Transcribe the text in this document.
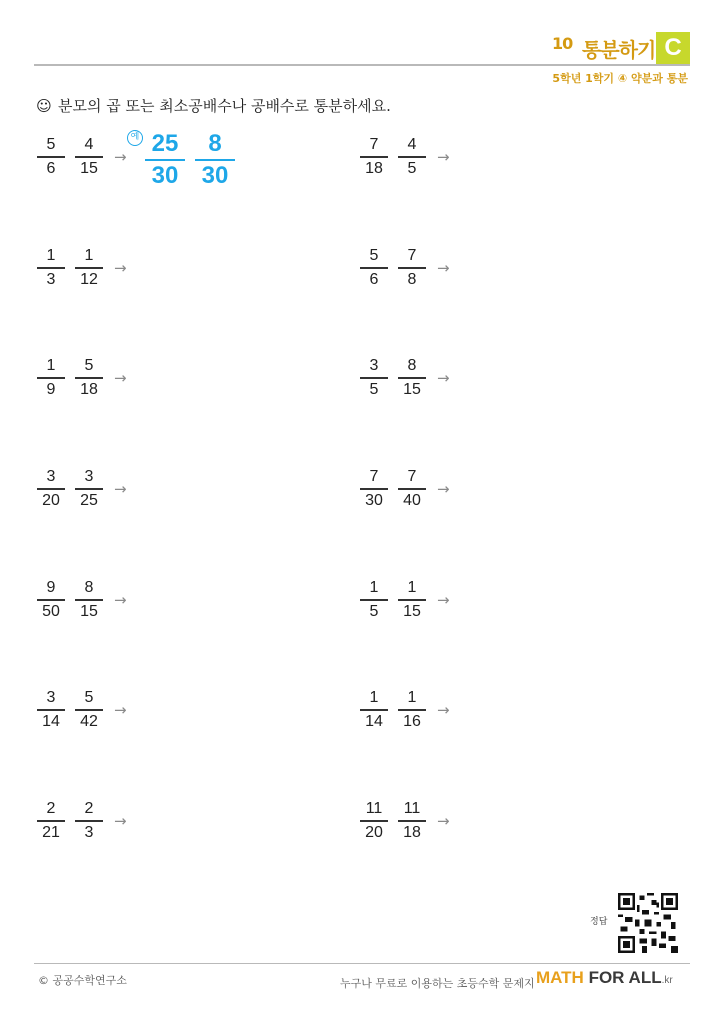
10 통분하기 C
5학년 1학기 ④ 약분과 통분
☺ 분모의 곱 또는 최소공배수나 공배수로 통분하세요.
예 $\frac{25}{30} \frac{8}{30}$
$\frac{5}{6} \frac{4}{15}$ →
$\frac{1}{3} \frac{1}{12}$ →
$\frac{1}{9} \frac{5}{18}$ →
$\frac{3}{20} \frac{3}{25}$ →
$\frac{9}{50} \frac{8}{15}$ →
$\frac{3}{14} \frac{5}{42}$ →
$\frac{2}{21} \frac{2}{3}$ →
$\frac{7}{18} \frac{4}{5}$ →
$\frac{5}{6} \frac{7}{8}$ →
$\frac{3}{5} \frac{8}{15}$ →
$\frac{7}{30} \frac{7}{40}$ →
$\frac{1}{5} \frac{1}{15}$ →
$\frac{1}{14} \frac{1}{16}$ →
$\frac{11}{20} \frac{11}{18}$ →
정답
© 공공수학연구소	누구나 무료로 이용하는 초등수학 문제지 MATH FOR ALL.kr
